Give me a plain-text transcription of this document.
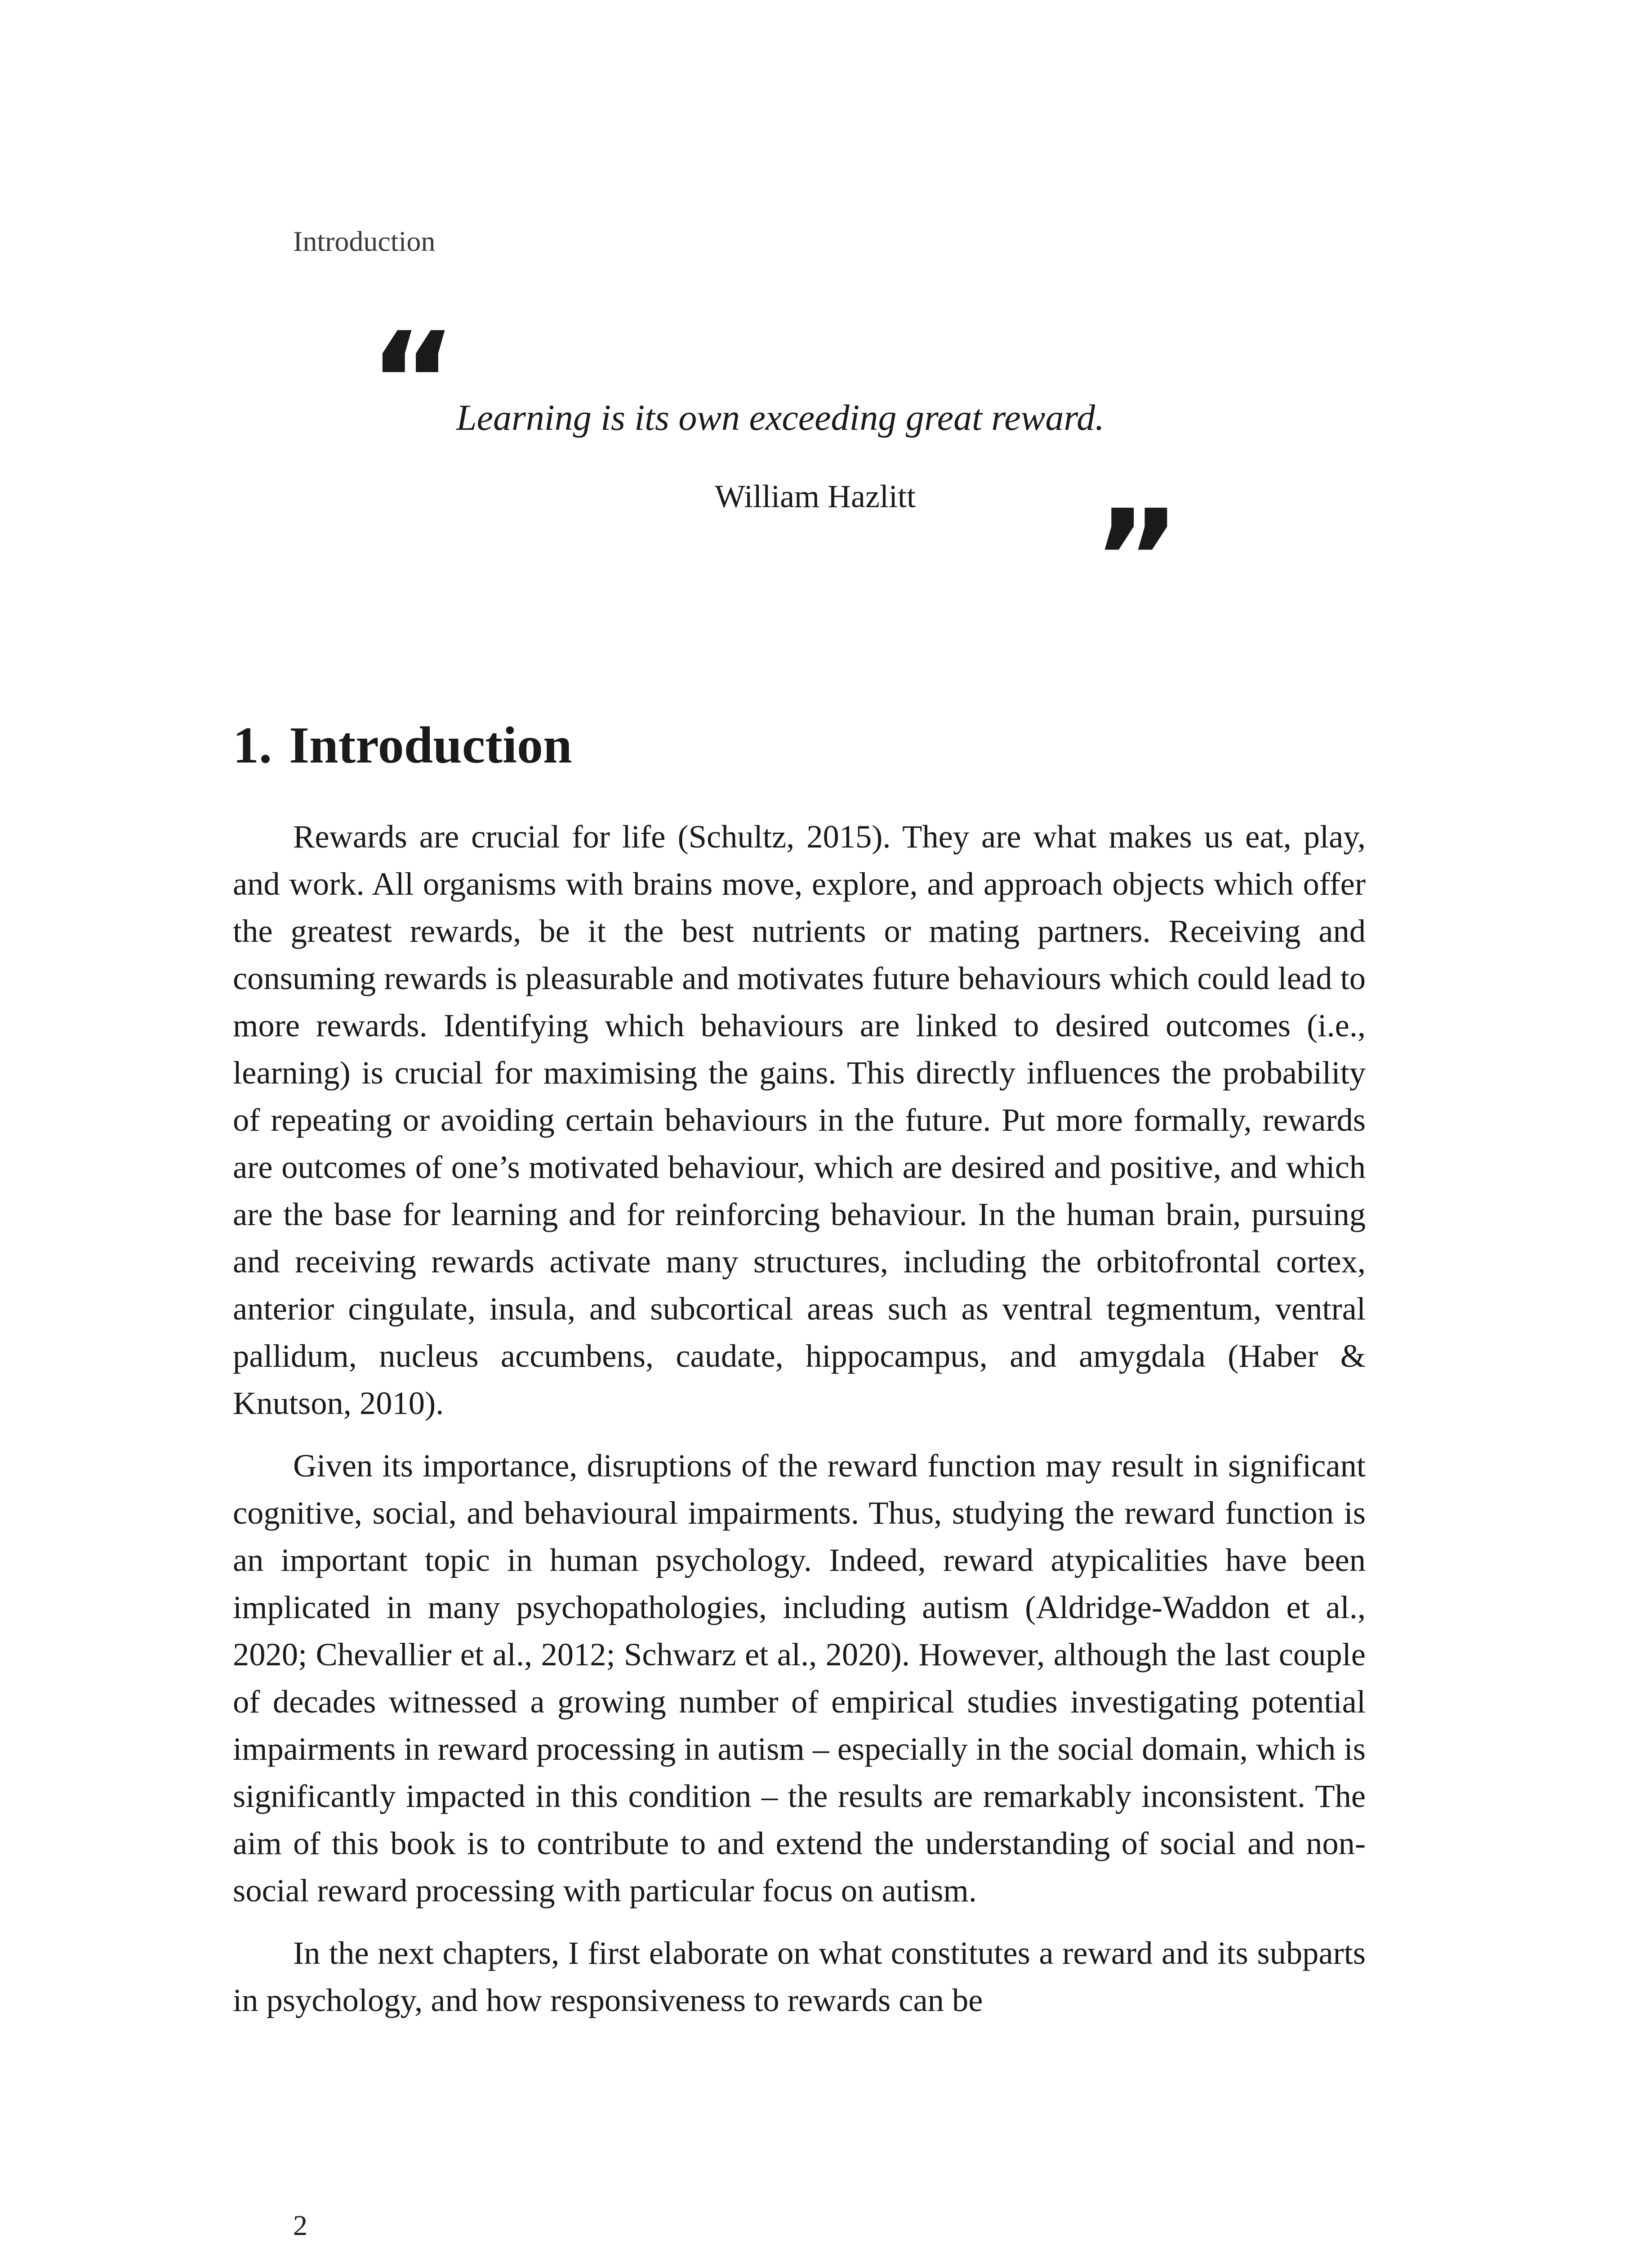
Introduction
“
Learning is its own exceeding great reward.
William Hazlitt ”
1. Introduction

Rewards are crucial for life (Schultz, 2015). They are what makes us eat, play, and work. All organisms with brains move, explore, and approach objects which offer the greatest rewards, be it the best nutrients or mating partners. Receiving and consuming rewards is pleasurable and motivates future behaviours which could lead to more rewards. Identifying which behaviours are linked to desired outcomes (i.e., learning) is crucial for maximising the gains. This directly influences the probability of repeating or avoiding certain behaviours in the future. Put more formally, rewards are outcomes of one’s motivated behaviour, which are desired and positive, and which are the base for learning and for reinforcing behaviour. In the human brain, pursuing and receiving rewards activate many structures, including the orbitofrontal cortex, anterior cingulate, insula, and subcortical areas such as ventral tegmentum, ventral pallidum, nucleus accumbens, caudate, hippocampus, and amygdala (Haber & Knutson, 2010).

Given its importance, disruptions of the reward function may result in significant cognitive, social, and behavioural impairments. Thus, studying the reward function is an important topic in human psychology. Indeed, reward atypicalities have been implicated in many psychopathologies, including autism (Aldridge-Waddon et al., 2020; Chevallier et al., 2012; Schwarz et al., 2020). However, although the last couple of decades witnessed a growing number of empirical studies investigating potential impairments in reward processing in autism – especially in the social domain, which is significantly impacted in this condition – the results are remarkably inconsistent. The aim of this book is to contribute to and extend the understanding of social and non-social reward processing with particular focus on autism.

In the next chapters, I first elaborate on what constitutes a reward and its subparts in psychology, and how responsiveness to rewards can be

2
